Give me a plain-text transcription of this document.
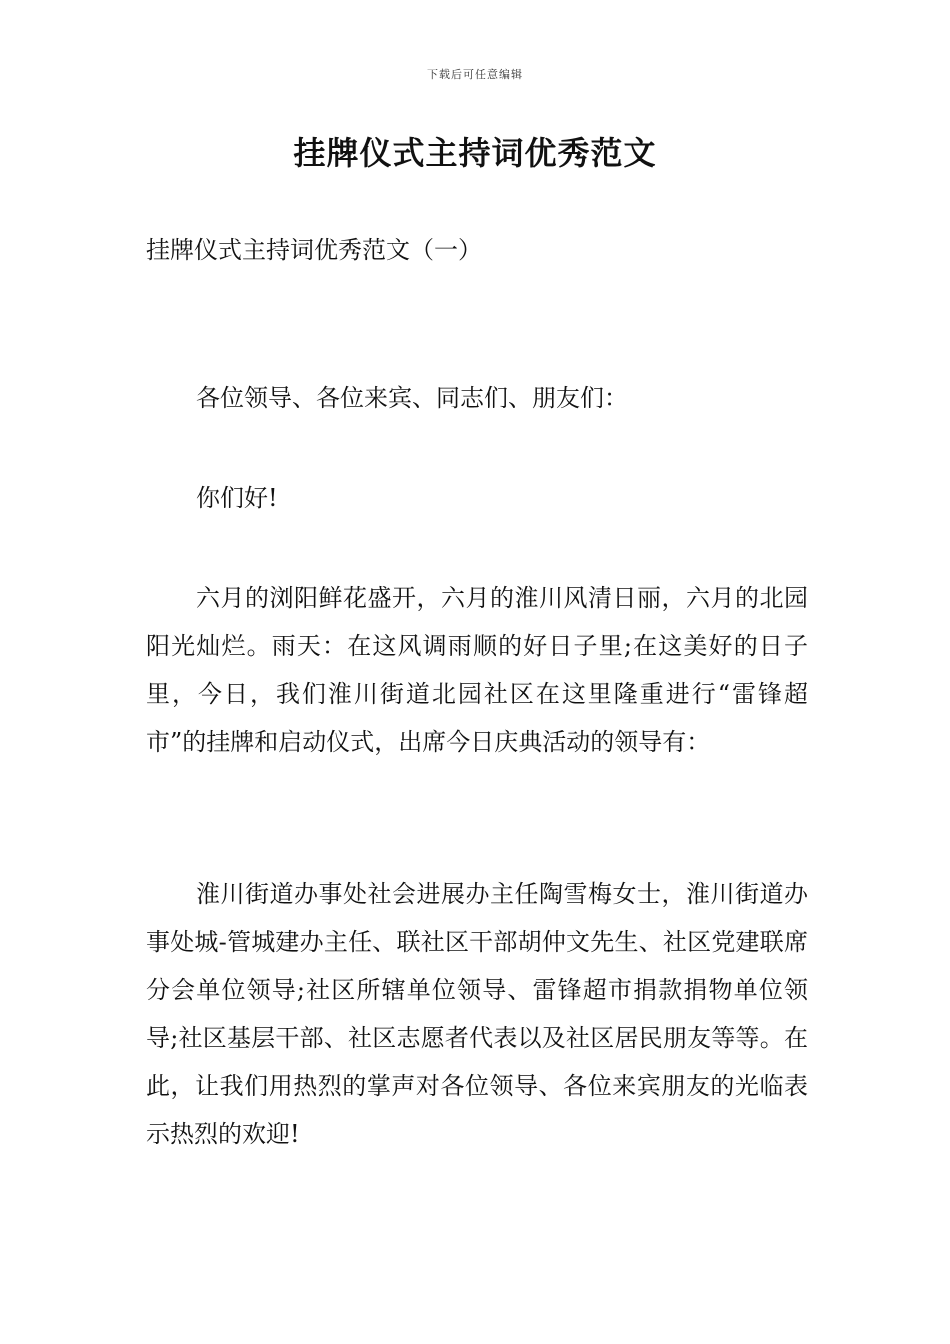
下载后可任意编辑
挂牌仪式主持词优秀范文
挂牌仪式主持词优秀范文（一）

各位领导、各位来宾、同志们、朋友们：

你们好!

六月的浏阳鲜花盛开，六月的淮川风清日丽，六月的北园阳光灿烂。雨天：在这风调雨顺的好日子里;在这美好的日子里，今日，我们淮川街道北园社区在这里隆重进行“雷锋超市”的挂牌和启动仪式，出席今日庆典活动的领导有：

淮川街道办事处社会进展办主任陶雪梅女士，淮川街道办事处城-管城建办主任、联社区干部胡仲文先生、社区党建联席分会单位领导;社区所辖单位领导、雷锋超市捐款捐物单位领导;社区基层干部、社区志愿者代表以及社区居民朋友等等。在此，让我们用热烈的掌声对各位领导、各位来宾朋友的光临表示热烈的欢迎!
